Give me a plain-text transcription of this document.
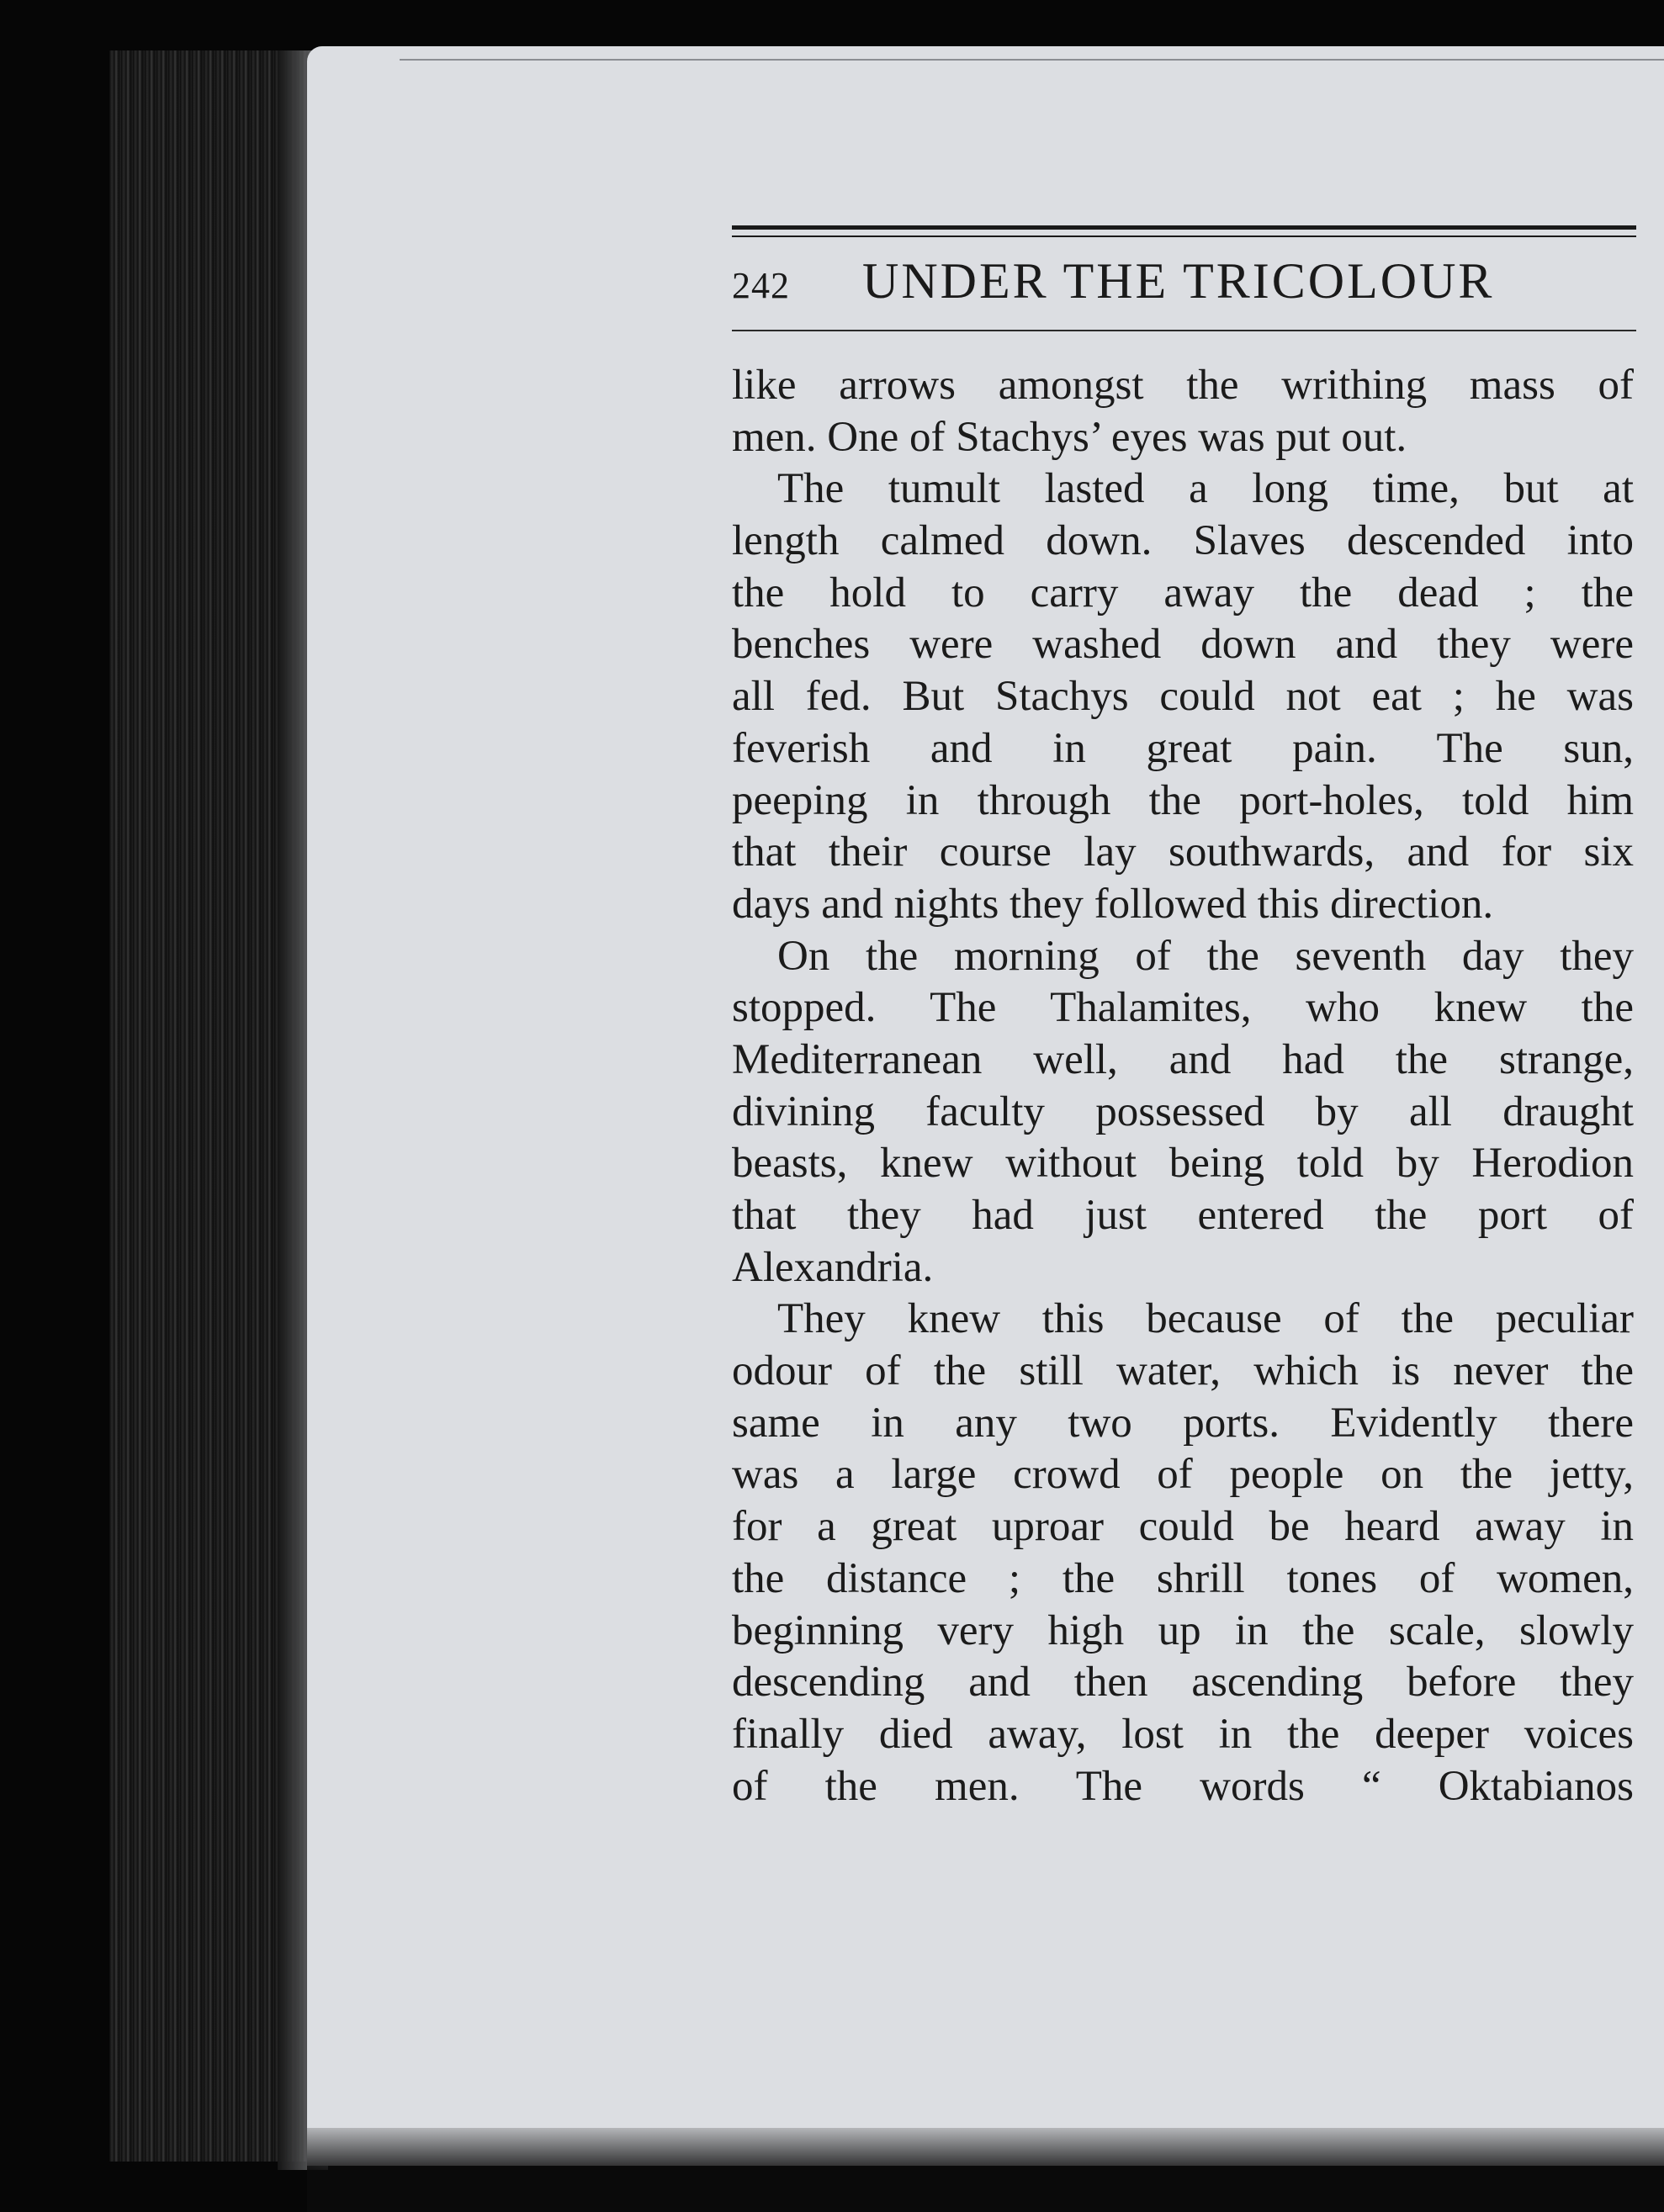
242 UNDER THE TRICOLOUR
like arrows amongst the writhing mass of
men. One of Stachys’ eyes was put out.
The tumult lasted a long time, but at
length calmed down. Slaves descended into
the hold to carry away the dead ; the
benches were washed down and they were
all fed. But Stachys could not eat ; he was
feverish and in great pain. The sun,
peeping in through the port-holes, told him
that their course lay southwards, and for six
days and nights they followed this direction.
On the morning of the seventh day they
stopped. The Thalamites, who knew the
Mediterranean well, and had the strange,
divining faculty possessed by all draught
beasts, knew without being told by Herodion
that they had just entered the port of
Alexandria.
They knew this because of the peculiar
odour of the still water, which is never the
same in any two ports. Evidently there
was a large crowd of people on the jetty,
for a great uproar could be heard away in
the distance ; the shrill tones of women,
beginning very high up in the scale, slowly
descending and then ascending before they
finally died away, lost in the deeper voices
of the men. The words “ Oktabianos
